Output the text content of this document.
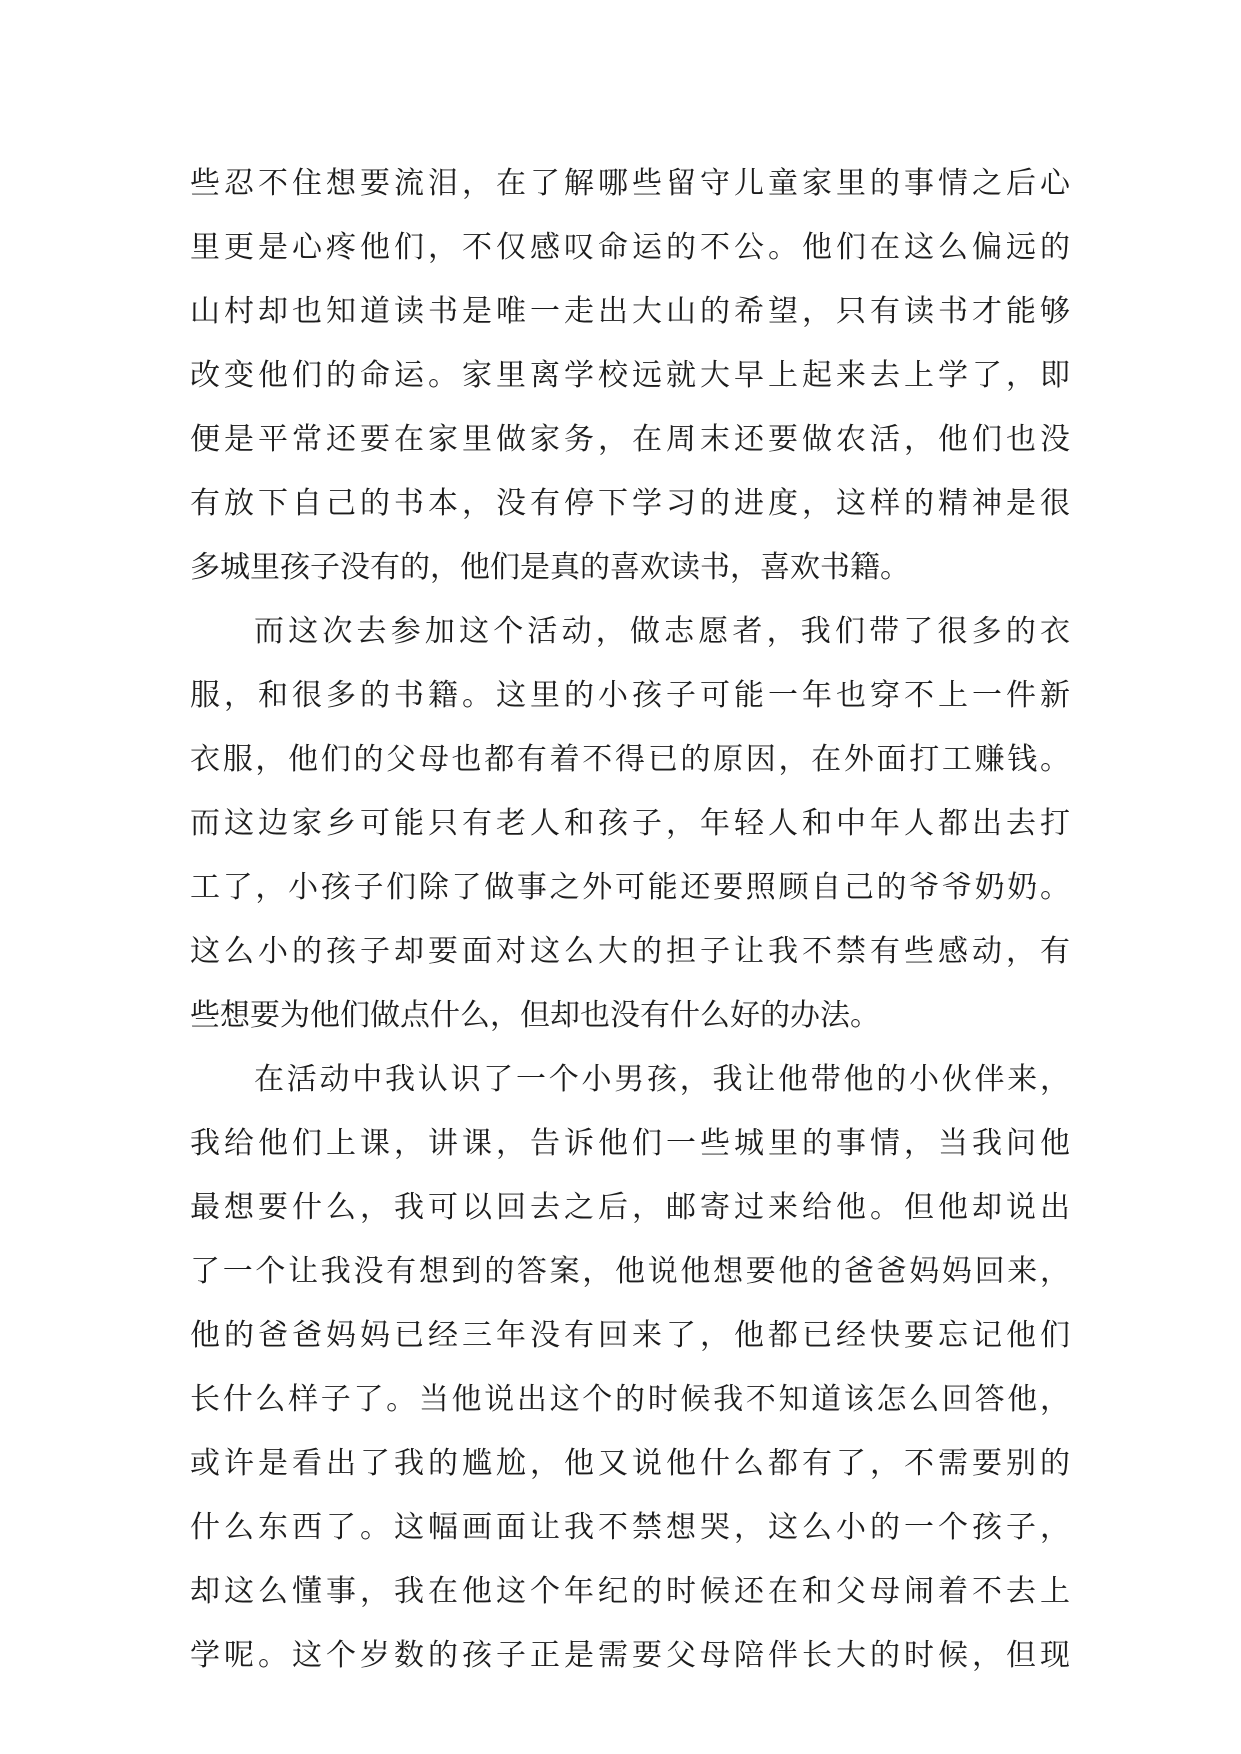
些忍不住想要流泪，在了解哪些留守儿童家里的事情之后心
里更是心疼他们，不仅感叹命运的不公。他们在这么偏远的
山村却也知道读书是唯一走出大山的希望，只有读书才能够
改变他们的命运。家里离学校远就大早上起来去上学了，即
便是平常还要在家里做家务，在周末还要做农活，他们也没
有放下自己的书本，没有停下学习的进度，这样的精神是很
多城里孩子没有的，他们是真的喜欢读书，喜欢书籍。
而这次去参加这个活动，做志愿者，我们带了很多的衣
服，和很多的书籍。这里的小孩子可能一年也穿不上一件新
衣服，他们的父母也都有着不得已的原因，在外面打工赚钱。
而这边家乡可能只有老人和孩子，年轻人和中年人都出去打
工了，小孩子们除了做事之外可能还要照顾自己的爷爷奶奶。
这么小的孩子却要面对这么大的担子让我不禁有些感动，有
些想要为他们做点什么，但却也没有什么好的办法。
在活动中我认识了一个小男孩，我让他带他的小伙伴来，
我给他们上课，讲课，告诉他们一些城里的事情，当我问他
最想要什么，我可以回去之后，邮寄过来给他。但他却说出
了一个让我没有想到的答案，他说他想要他的爸爸妈妈回来，
他的爸爸妈妈已经三年没有回来了，他都已经快要忘记他们
长什么样子了。当他说出这个的时候我不知道该怎么回答他，
或许是看出了我的尴尬，他又说他什么都有了，不需要别的
什么东西了。这幅画面让我不禁想哭，这么小的一个孩子，
却这么懂事，我在他这个年纪的时候还在和父母闹着不去上
学呢。这个岁数的孩子正是需要父母陪伴长大的时候，但现
